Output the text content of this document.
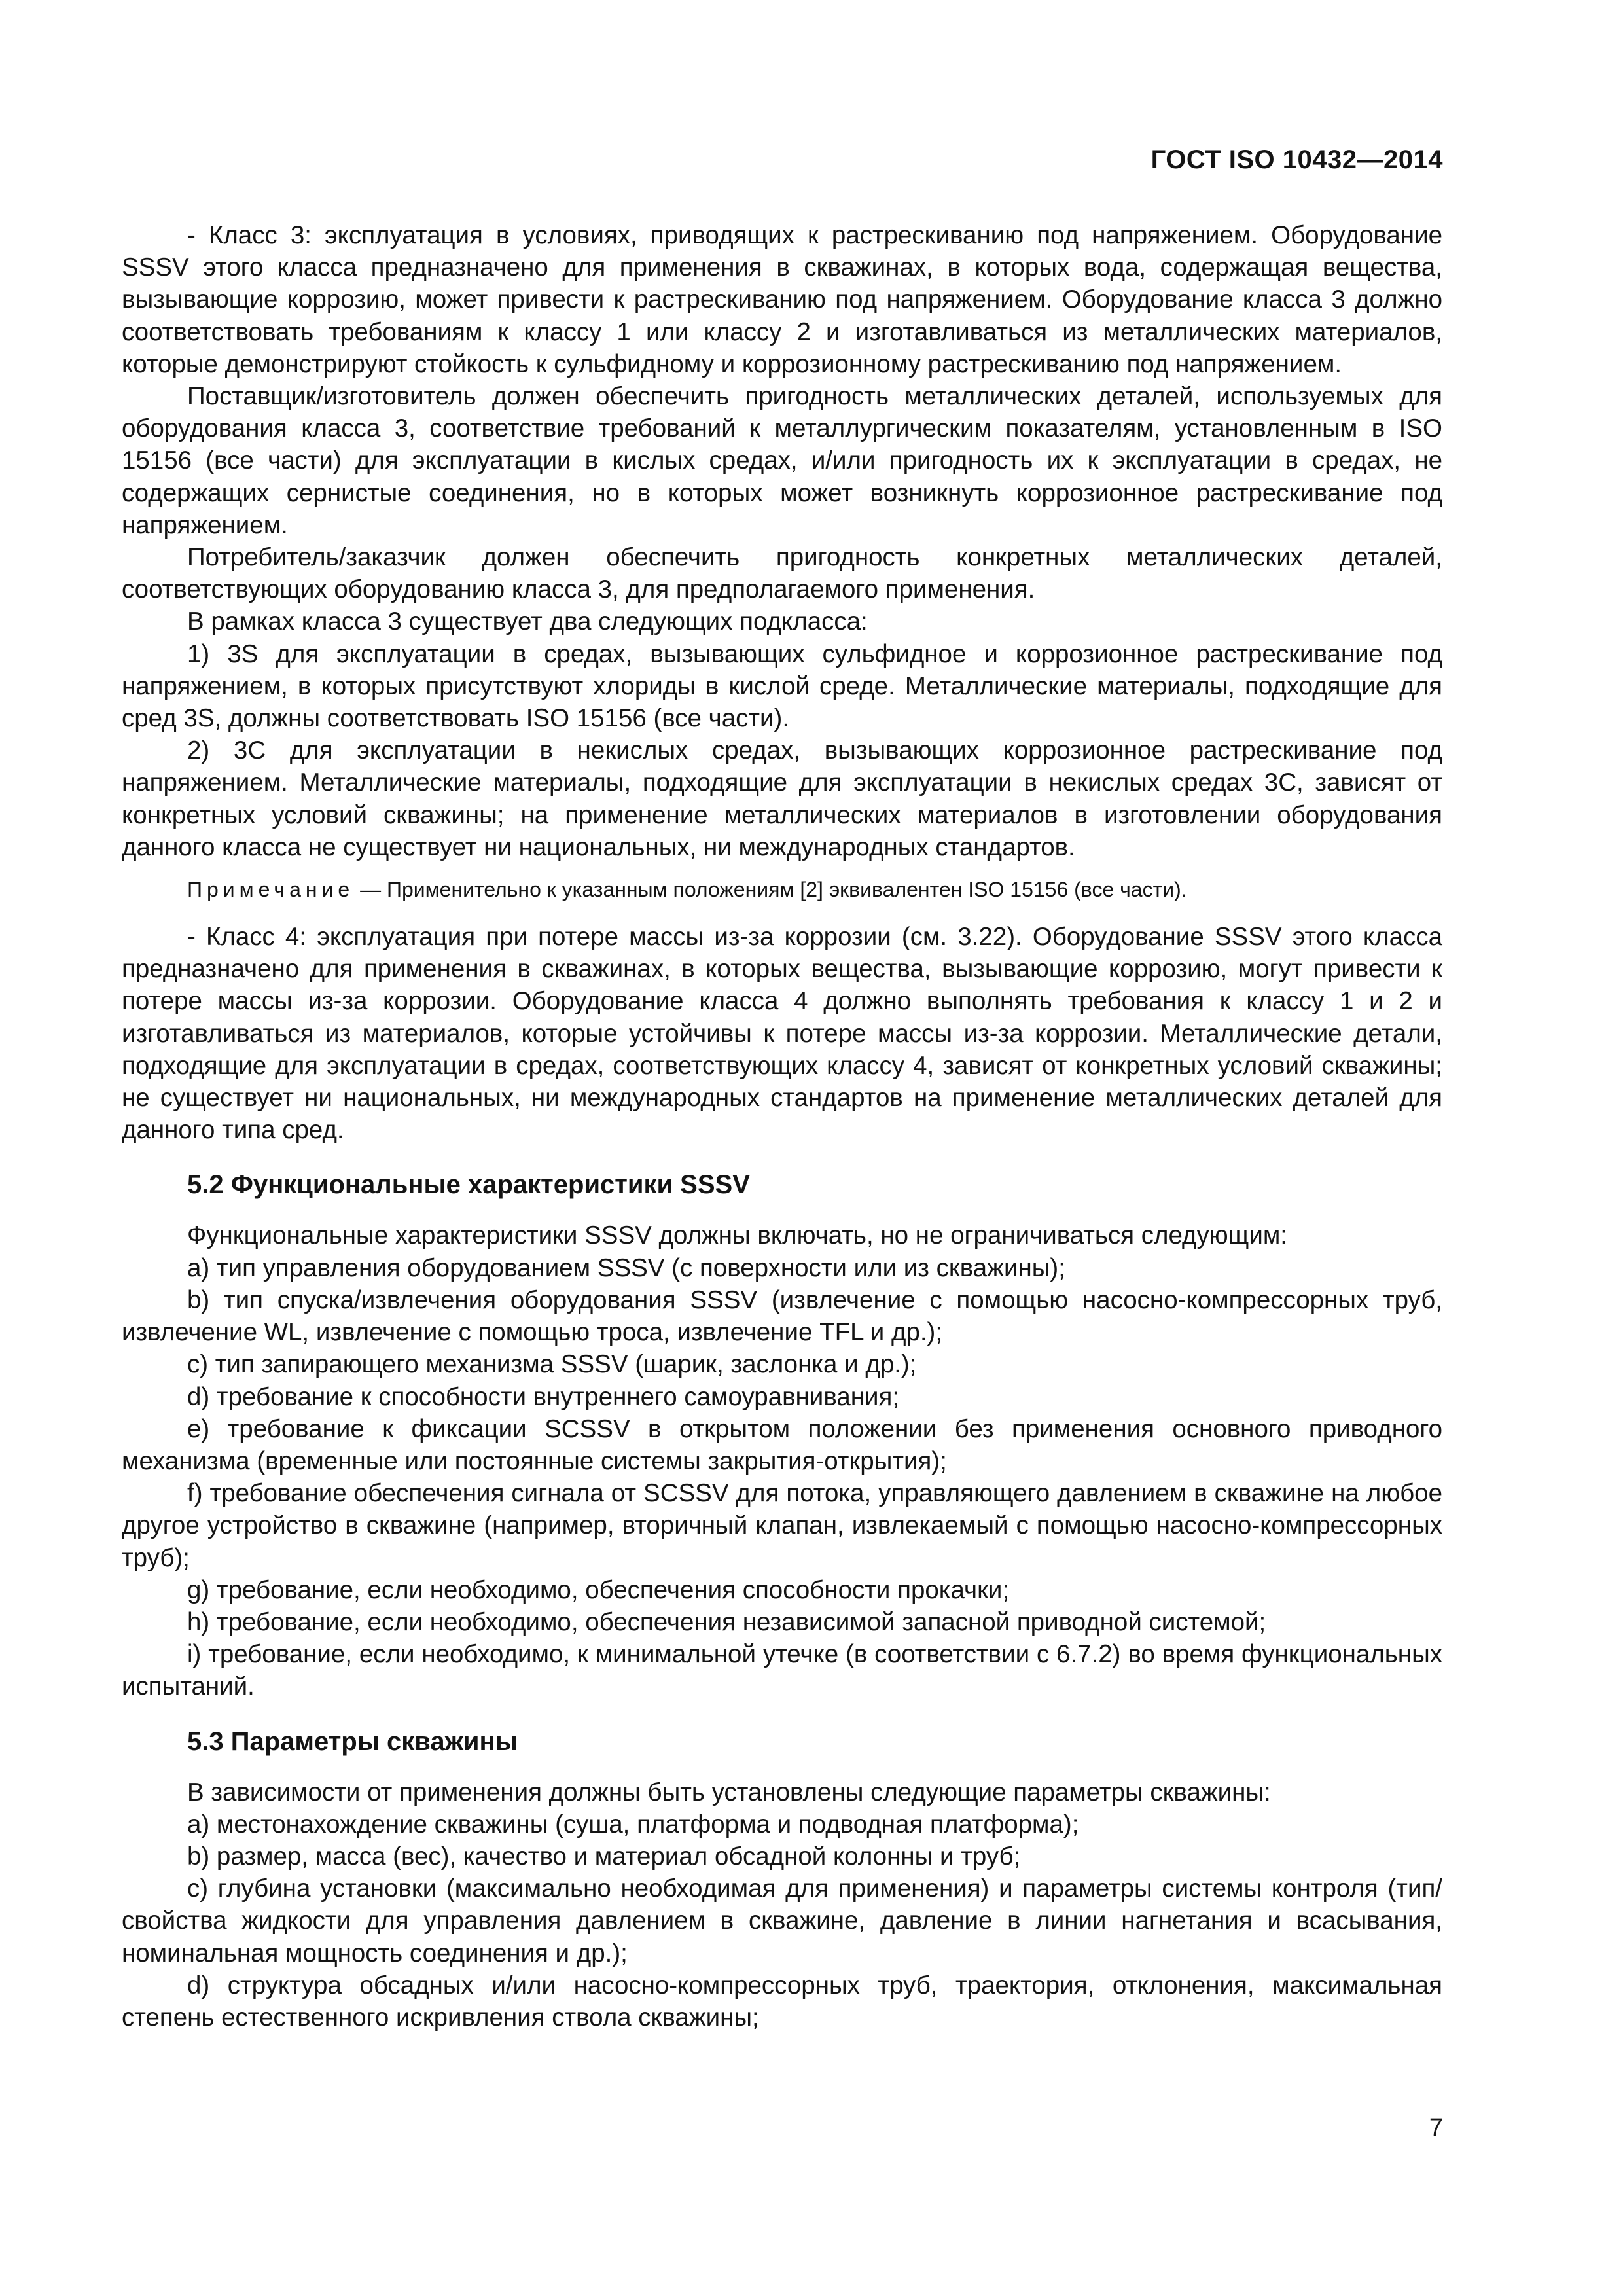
ГОСТ ISO 10432—2014

- Класс 3: эксплуатация в условиях, приводящих к растрескиванию под напряжением. Оборудование SSSV этого класса предназначено для применения в скважинах, в которых вода, содержащая вещества, вызывающие коррозию, может привести к растрескиванию под напряжением. Оборудование класса 3 должно соответствовать требованиям к классу 1 или классу 2 и изготавливаться из металлических материалов, которые демонстрируют стойкость к сульфидному и коррозионному растрескиванию под напряжением.

Поставщик/изготовитель должен обеспечить пригодность металлических деталей, используемых для оборудования класса 3, соответствие требований к металлургическим показателям, установленным в ISO 15156 (все части) для эксплуатации в кислых средах, и/или пригодность их к эксплуатации в средах, не содержащих сернистые соединения, но в которых может возникнуть коррозионное растрескивание под напряжением.

Потребитель/заказчик должен обеспечить пригодность конкретных металлических деталей, соответствующих оборудованию класса 3, для предполагаемого применения.

В рамках класса 3 существует два следующих подкласса:

1) 3S для эксплуатации в средах, вызывающих сульфидное и коррозионное растрескивание под напряжением, в которых присутствуют хлориды в кислой среде. Металлические материалы, подходящие для сред 3S, должны соответствовать ISO 15156 (все части).

2) 3С для эксплуатации в некислых средах, вызывающих коррозионное растрескивание под напряжением. Металлические материалы, подходящие для эксплуатации в некислых средах 3С, зависят от конкретных условий скважины; на применение металлических материалов в изготовлении оборудования данного класса не существует ни национальных, ни международных стандартов.

Примечание — Применительно к указанным положениям [2] эквивалентен ISO 15156 (все части).

- Класс 4: эксплуатация при потере массы из-за коррозии (см. 3.22). Оборудование SSSV этого класса предназначено для применения в скважинах, в которых вещества, вызывающие коррозию, могут привести к потере массы из-за коррозии. Оборудование класса 4 должно выполнять требования к классу 1 и 2 и изготавливаться из материалов, которые устойчивы к потере массы из-за коррозии. Металлические детали, подходящие для эксплуатации в средах, соответствующих классу 4, зависят от конкретных условий скважины; не существует ни национальных, ни международных стандартов на применение металлических деталей для данного типа сред.

5.2 Функциональные характеристики SSSV

Функциональные характеристики SSSV должны включать, но не ограничиваться следующим:

a) тип управления оборудованием SSSV (с поверхности или из скважины);

b) тип спуска/извлечения оборудования SSSV (извлечение с помощью насосно-компрессорных труб, извлечение WL, извлечение с помощью троса, извлечение TFL и др.);

c) тип запирающего механизма SSSV (шарик, заслонка и др.);

d) требование к способности внутреннего самоуравнивания;

e) требование к фиксации SCSSV в открытом положении без применения основного приводного механизма (временные или постоянные системы закрытия-открытия);

f) требование обеспечения сигнала от SCSSV для потока, управляющего давлением в скважине на любое другое устройство в скважине (например, вторичный клапан, извлекаемый с помощью насосно-компрессорных труб);

g) требование, если необходимо, обеспечения способности прокачки;

h) требование, если необходимо, обеспечения независимой запасной приводной системой;

i) требование, если необходимо, к минимальной утечке (в соответствии с 6.7.2) во время функциональных испытаний.

5.3 Параметры скважины

В зависимости от применения должны быть установлены следующие параметры скважины:

a) местонахождение скважины (суша, платформа и подводная платформа);

b) размер, масса (вес), качество и материал обсадной колонны и труб;

c) глубина установки (максимально необходимая для применения) и параметры системы контроля (тип/свойства жидкости для управления давлением в скважине, давление в линии нагнетания и всасывания, номинальная мощность соединения и др.);

d) структура обсадных и/или насосно-компрессорных труб, траектория, отклонения, максимальная степень естественного искривления ствола скважины;

7
